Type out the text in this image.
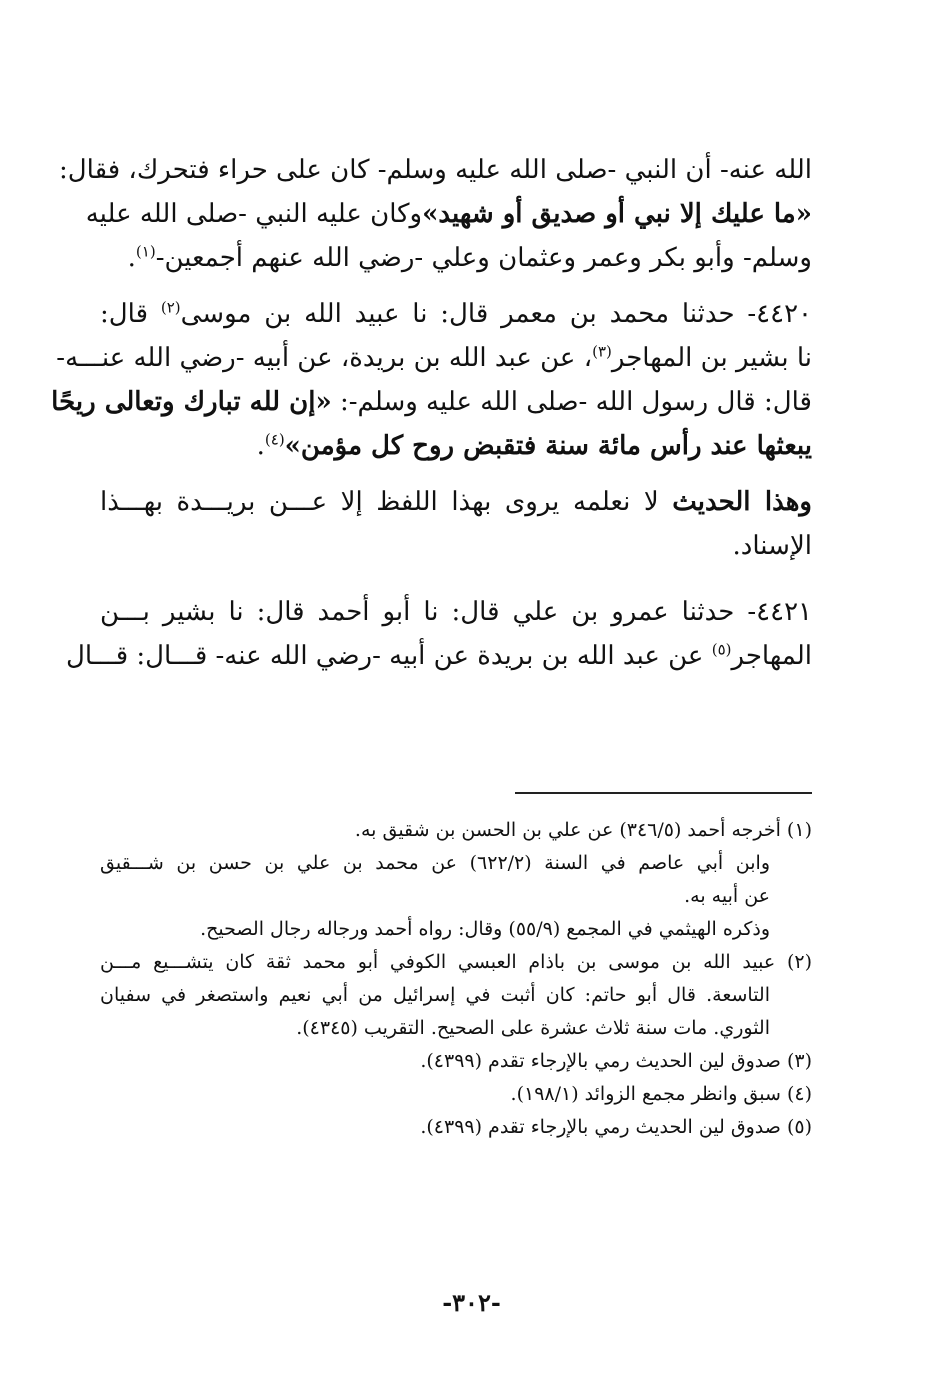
الله عنه- أن النبي -صلى الله عليه وسلم- كان على حراء فتحرك، فقال:
«ما عليك إلا نبي أو صديق أو شهيد»وكان عليه النبي -صلى الله عليه
وسلم- وأبو بكر وعمر وعثمان وعلي -رضي الله عنهم أجمعين-$^{(١)}$.
٤٤٢٠- حدثنا محمد بن معمر قال: نا عبيد الله بن موسى$^{(٢)}$ قال:
نا بشير بن المهاجر$^{(٣)}$، عن عبد الله بن بريدة، عن أبيه -رضي الله عنـــه-
قال: قال رسول الله -صلى الله عليه وسلم-: «إن لله تبارك وتعالى ريحًا
يبعثها عند رأس مائة سنة فتقبض روح كل مؤمن»$^{(٤)}$.
وهذا الحديث لا نعلمه يروى بهذا اللفظ إلا عـــن بريـــدة بهـــذا
الإسناد.
٤٤٢١- حدثنا عمرو بن علي قال: نا أبو أحمد قال: نا بشير بـــن
المهاجر$^{(٥)}$ عن عبد الله بن بريدة عن أبيه -رضي الله عنه- قـــال: قـــال
(١) أخرجه أحمد (٣٤٦/٥) عن علي بن الحسن بن شقيق به.
وابن أبي عاصم في السنة (٦٢٢/٢) عن محمد بن علي بن حسن بن شـــقيق
عن أبيه به.
وذكره الهيثمي في المجمع (٥٥/٩) وقال: رواه أحمد ورجاله رجال الصحيح.
(٢) عبيد الله بن موسى بن باذام العبسي الكوفي أبو محمد ثقة كان يتشـــيع مـــن
التاسعة. قال أبو حاتم: كان أثبت في إسرائيل من أبي نعيم واستصغر في سفيان
الثوري. مات سنة ثلاث عشرة على الصحيح. التقريب (٤٣٤٥).
(٣) صدوق لين الحديث رمي بالإرجاء تقدم (٤٣٩٩).
(٤) سبق وانظر مجمع الزوائد (١٩٨/١).
(٥) صدوق لين الحديث رمي بالإرجاء تقدم (٤٣٩٩).
-٣٠٢-
